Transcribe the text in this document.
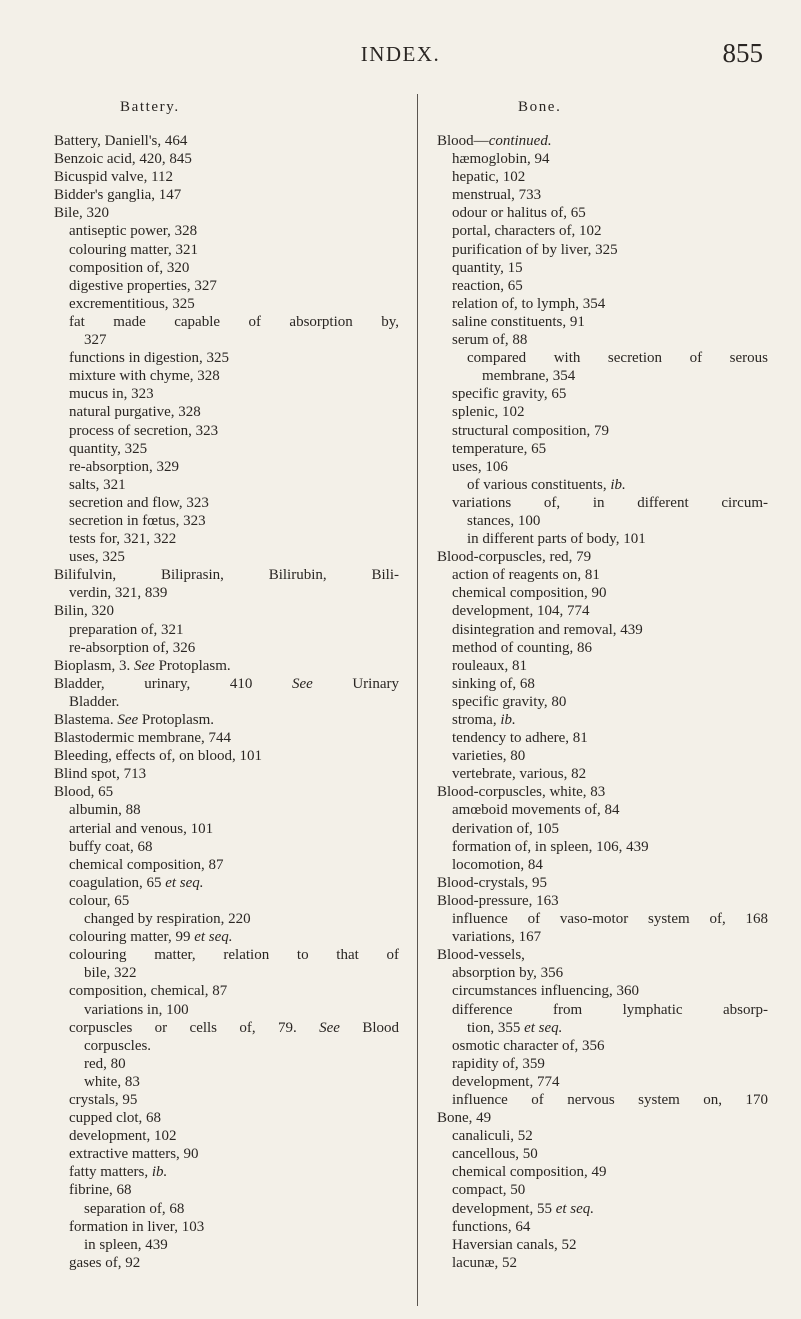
INDEX.	855
Battery.	Bone.
Battery, Daniell's, 464
Benzoic acid, 420, 845
Bicuspid valve, 112
Bidder's ganglia, 147
Bile, 320
antiseptic power, 328
colouring matter, 321
composition of, 320
digestive properties, 327
excrementitious, 325
fat made capable of absorption by,
327
functions in digestion, 325
mixture with chyme, 328
mucus in, 323
natural purgative, 328
process of secretion, 323
quantity, 325
re-absorption, 329
salts, 321
secretion and flow, 323
secretion in fœtus, 323
tests for, 321, 322
uses, 325
Bilifulvin, Biliprasin, Bilirubin, Bili-
verdin, 321, 839
Bilin, 320
preparation of, 321
re-absorption of, 326
Bioplasm, 3. See Protoplasm.
Bladder, urinary, 410 See Urinary
Bladder.
Blastema. See Protoplasm.
Blastodermic membrane, 744
Bleeding, effects of, on blood, 101
Blind spot, 713
Blood, 65
albumin, 88
arterial and venous, 101
buffy coat, 68
chemical composition, 87
coagulation, 65 et seq.
colour, 65
changed by respiration, 220
colouring matter, 99 et seq.
colouring matter, relation to that of
bile, 322
composition, chemical, 87
variations in, 100
corpuscles or cells of, 79. See Blood
corpuscles.
red, 80
white, 83
crystals, 95
cupped clot, 68
development, 102
extractive matters, 90
fatty matters, ib.
fibrine, 68
separation of, 68
formation in liver, 103
in spleen, 439
gases of, 92
Blood—continued.
hæmoglobin, 94
hepatic, 102
menstrual, 733
odour or halitus of, 65
portal, characters of, 102
purification of by liver, 325
quantity, 15
reaction, 65
relation of, to lymph, 354
saline constituents, 91
serum of, 88
compared with secretion of serous
membrane, 354
specific gravity, 65
splenic, 102
structural composition, 79
temperature, 65
uses, 106
of various constituents, ib.
variations of, in different circum-
stances, 100
in different parts of body, 101
Blood-corpuscles, red, 79
action of reagents on, 81
chemical composition, 90
development, 104, 774
disintegration and removal, 439
method of counting, 86
rouleaux, 81
sinking of, 68
specific gravity, 80
stroma, ib.
tendency to adhere, 81
varieties, 80
vertebrate, various, 82
Blood-corpuscles, white, 83
amœboid movements of, 84
derivation of, 105
formation of, in spleen, 106, 439
locomotion, 84
Blood-crystals, 95
Blood-pressure, 163
influence of vaso-motor system of, 168
variations, 167
Blood-vessels,
absorption by, 356
circumstances influencing, 360
difference from lymphatic absorp-
tion, 355 et seq.
osmotic character of, 356
rapidity of, 359
development, 774
influence of nervous system on, 170
Bone, 49
canaliculi, 52
cancellous, 50
chemical composition, 49
compact, 50
development, 55 et seq.
functions, 64
Haversian canals, 52
lacunæ, 52
